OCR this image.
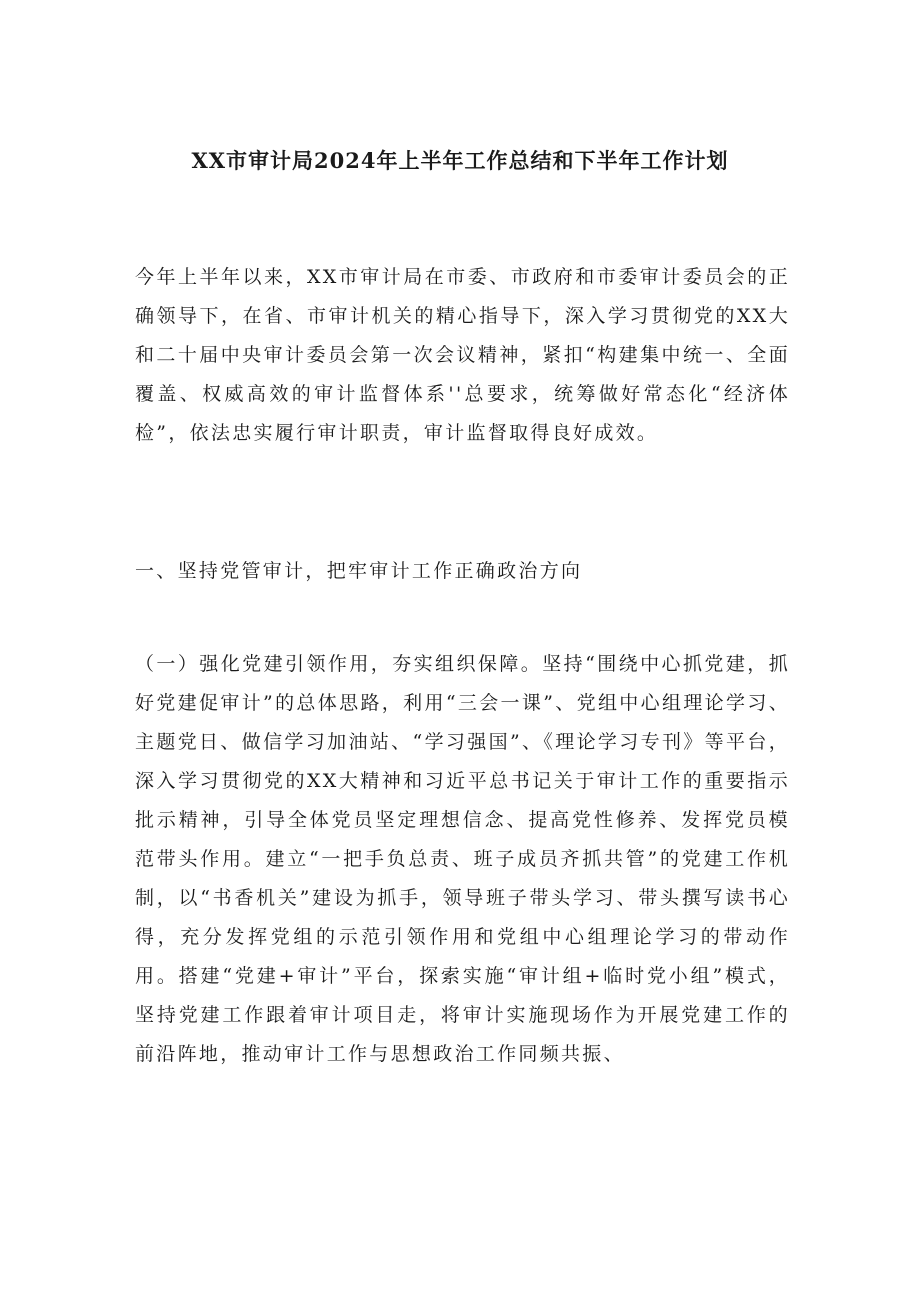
XX市审计局2024年上半年工作总结和下半年工作计划

今年上半年以来，XX市审计局在市委、市政府和市委审计委员会的正确领导下，在省、市审计机关的精心指导下，深入学习贯彻党的XX大和二十届中央审计委员会第一次会议精神，紧扣“构建集中统一、全面覆盖、权威高效的审计监督体系''总要求，统筹做好常态化“经济体检”，依法忠实履行审计职责，审计监督取得良好成效。

一、坚持党管审计，把牢审计工作正确政治方向

（一）强化党建引领作用，夯实组织保障。坚持“围绕中心抓党建，抓好党建促审计”的总体思路，利用“三会一课”、党组中心组理论学习、主题党日、做信学习加油站、“学习强国”、《理论学习专刊》等平台，深入学习贯彻党的XX大精神和习近平总书记关于审计工作的重要指示批示精神，引导全体党员坚定理想信念、提高党性修养、发挥党员模范带头作用。建立“一把手负总责、班子成员齐抓共管”的党建工作机制，以“书香机关”建设为抓手，领导班子带头学习、带头撰写读书心得，充分发挥党组的示范引领作用和党组中心组理论学习的带动作用。搭建“党建+审计”平台，探索实施“审计组+临时党小组”模式，坚持党建工作跟着审计项目走，将审计实施现场作为开展党建工作的前沿阵地，推动审计工作与思想政治工作同频共振、
